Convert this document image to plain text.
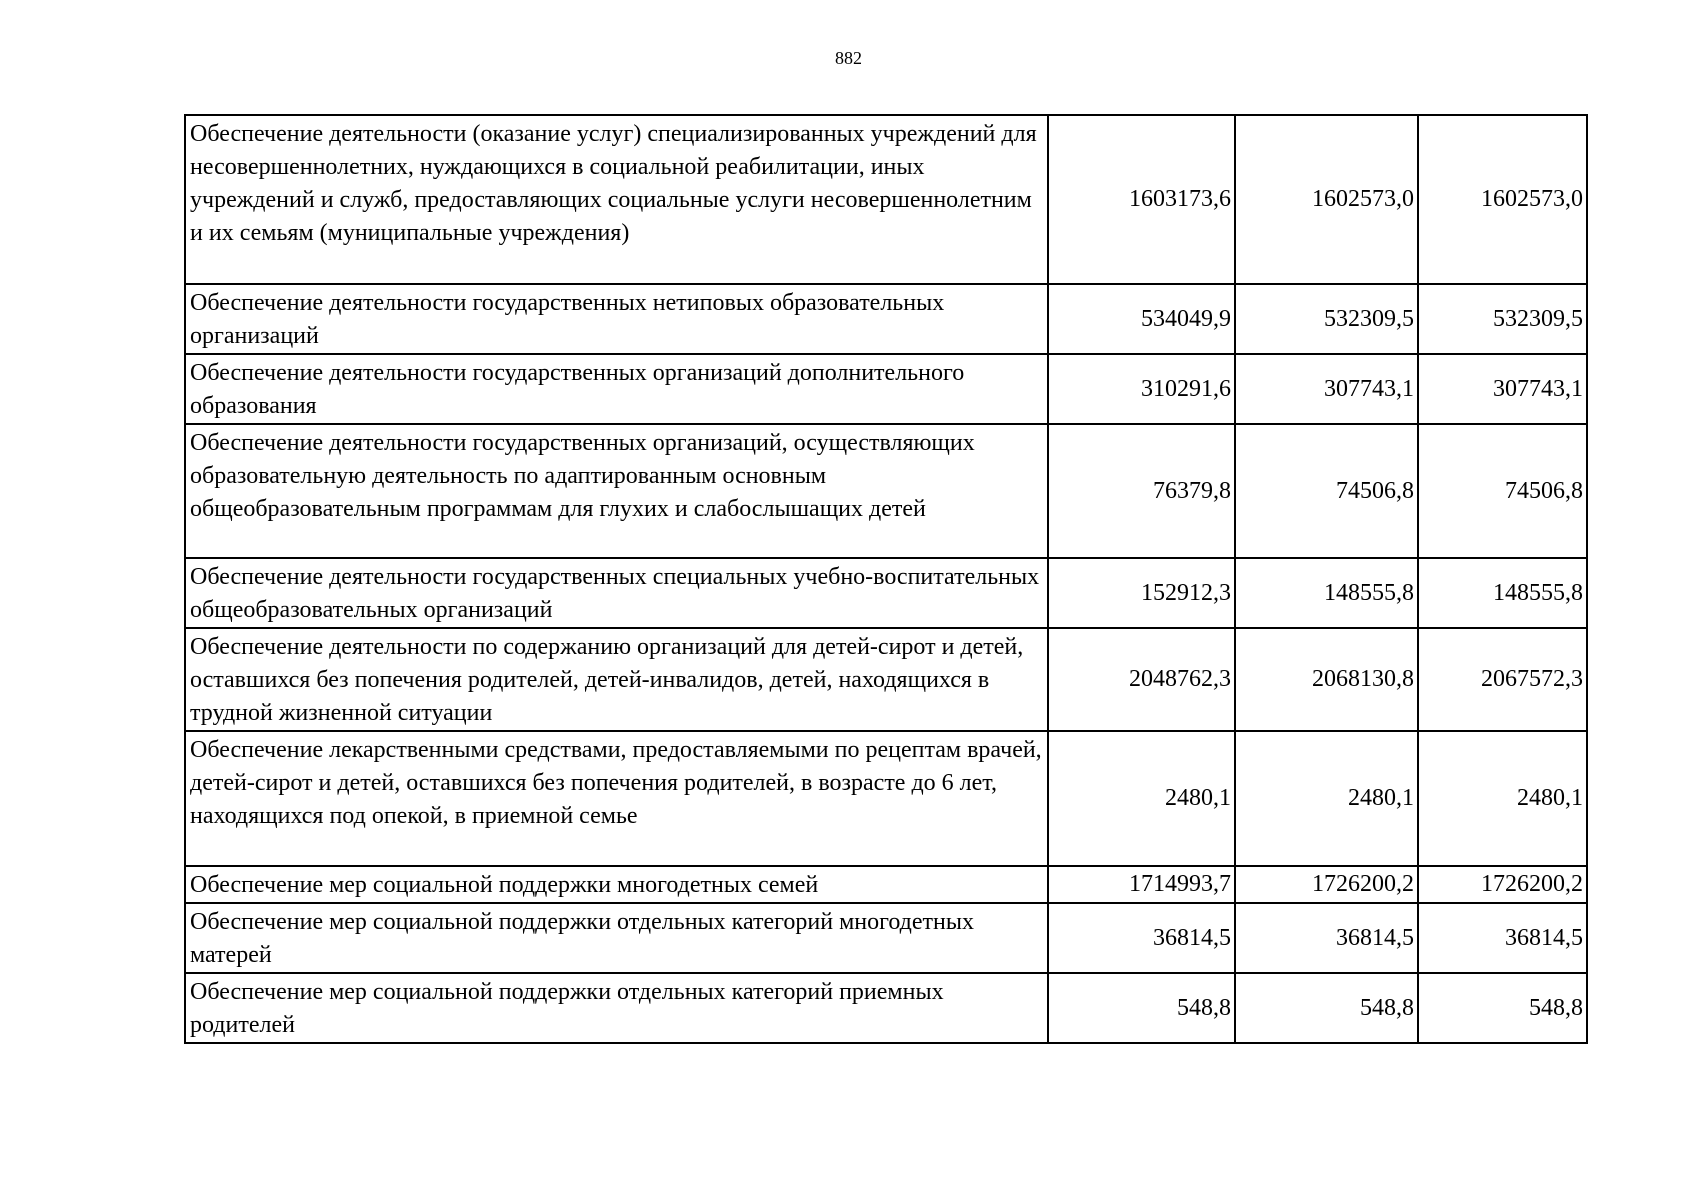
882
Обеспечение деятельности (оказание услуг) специализированных учреждений для несовершеннолетних, нуждающихся в социальной реабилитации, иных учреждений и служб, предоставляющих социальные услуги несовершеннолетним и их семьям (муниципальные учреждения)	1603173,6	1602573,0	1602573,0
Обеспечение деятельности государственных нетиповых образовательных организаций	534049,9	532309,5	532309,5
Обеспечение деятельности государственных организаций дополнительного образования	310291,6	307743,1	307743,1
Обеспечение деятельности государственных организаций, осуществляющих образовательную деятельность по адаптированным основным общеобразовательным программам для глухих и слабослышащих детей	76379,8	74506,8	74506,8
Обеспечение деятельности государственных специальных учебно-воспитательных общеобразовательных организаций	152912,3	148555,8	148555,8
Обеспечение деятельности по содержанию организаций для детей-сирот и детей, оставшихся без попечения родителей, детей-инвалидов, детей, находящихся в трудной жизненной ситуации	2048762,3	2068130,8	2067572,3
Обеспечение лекарственными средствами, предоставляемыми по рецептам врачей, детей-сирот и детей, оставшихся без попечения родителей, в возрасте до 6 лет, находящихся под опекой, в приемной семье	2480,1	2480,1	2480,1
Обеспечение мер социальной поддержки многодетных семей	1714993,7	1726200,2	1726200,2
Обеспечение мер социальной поддержки отдельных категорий многодетных матерей	36814,5	36814,5	36814,5
Обеспечение мер социальной поддержки отдельных категорий приемных родителей	548,8	548,8	548,8
